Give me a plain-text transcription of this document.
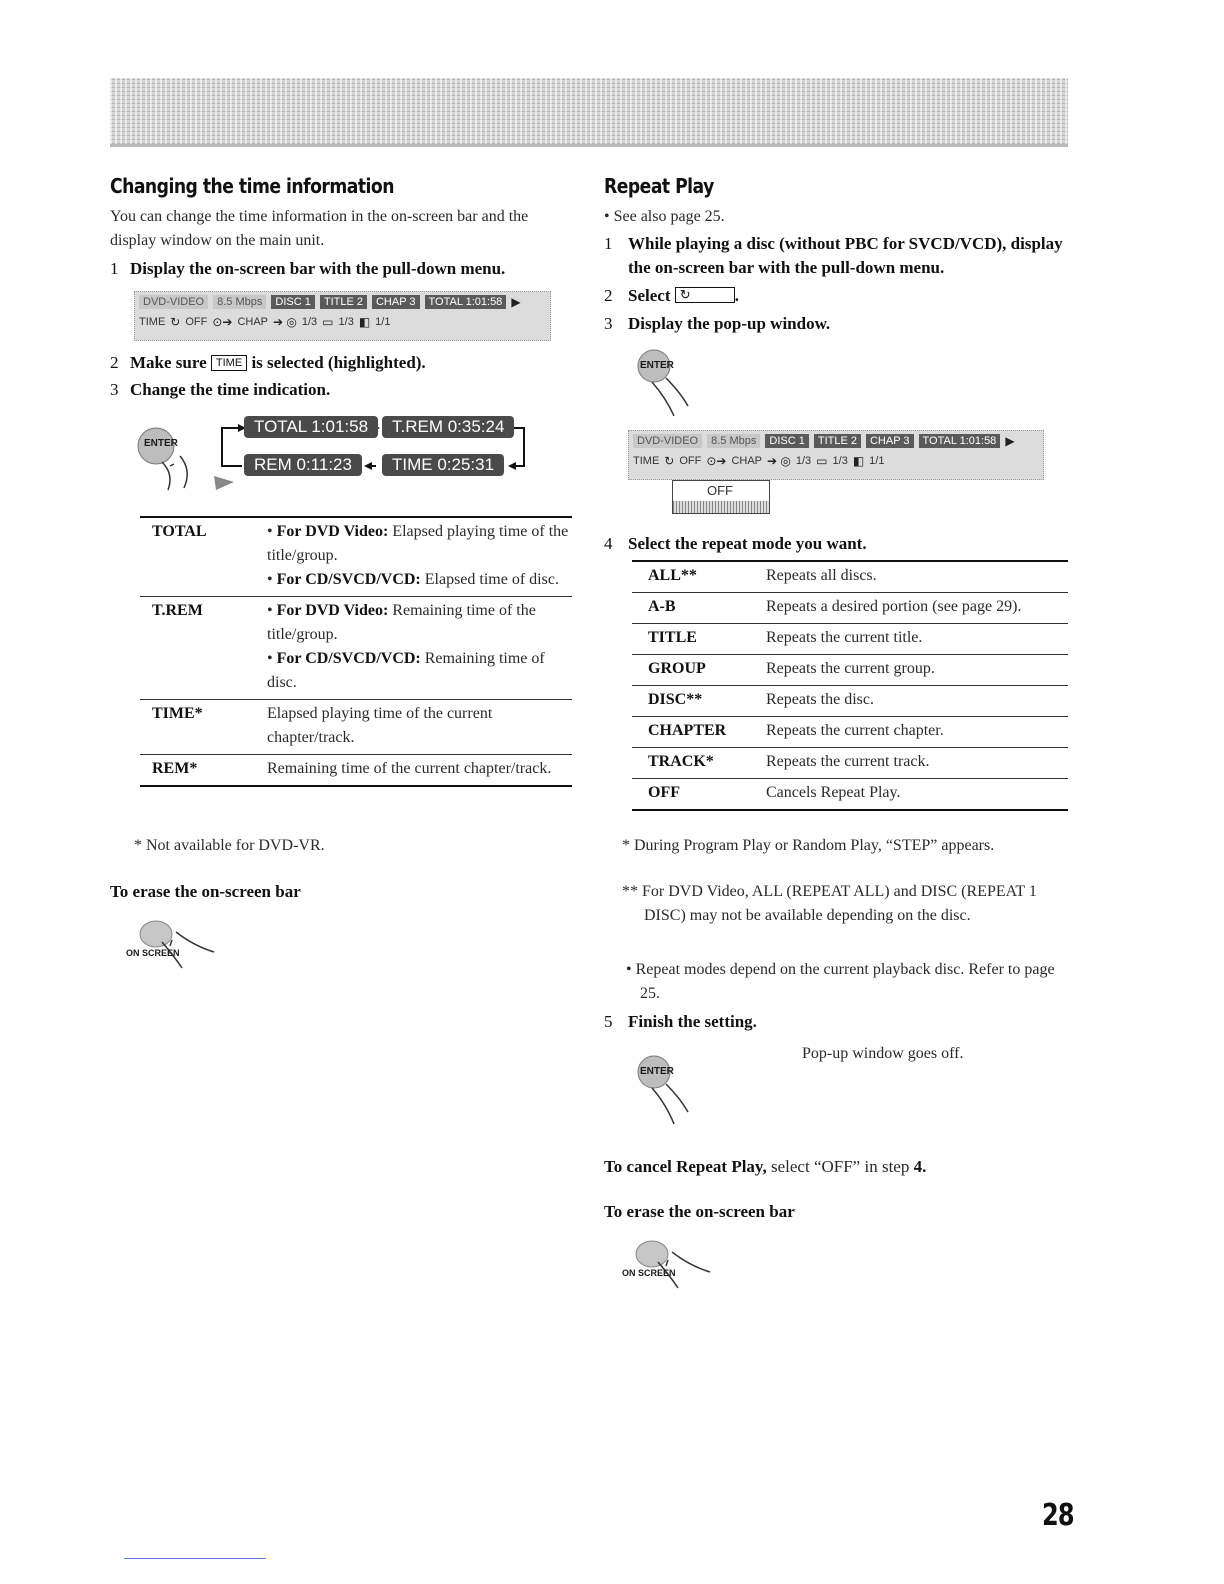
Changing the time information
You can change the time information in the on-screen bar and the display window on the main unit.
1 Display the on-screen bar with the pull-down menu.
DVD-VIDEO	8.5 Mbps	DISC 1	TITLE 2	CHAP 3	TOTAL 1:01:58 ▶
TIME ↻ OFF ⊙➔ CHAP ➔ ◎ 1/3 ▭ 1/3 ◧ 1/1
2 Make sure TIME is selected (highlighted).
3 Change the time indication.
ENTER
TOTAL 1:01:58	T.REM 0:35:24
REM 0:11:23	TIME 0:25:31
TOTAL	• For DVD Video: Elapsed playing time of the title/group.
• For CD/SVCD/VCD: Elapsed time of disc.

T.REM	• For DVD Video: Remaining time of the title/group.
• For CD/SVCD/VCD: Remaining time of disc.

TIME*	Elapsed playing time of the current chapter/track.
REM*	Remaining time of the current chapter/track.
* Not available for DVD-VR.
To erase the on-screen bar
ON SCREEN
Repeat Play
• See also page 25.
1 While playing a disc (without PBC for SVCD/VCD), display the on-screen bar with the pull-down menu.
2 Select ↻	.
3 Display the pop-up window.
ENTER
DVD-VIDEO	8.5 Mbps	DISC 1	TITLE 2	CHAP 3	TOTAL 1:01:58 ▶
TIME ↻ OFF ⊙➔ CHAP ➔ ◎ 1/3 ▭ 1/3 ◧ 1/1
OFF
4 Select the repeat mode you want.
ALL**	Repeats all discs.
A-B	Repeats a desired portion (see page 29).
TITLE	Repeats the current title.
GROUP	Repeats the current group.
DISC**	Repeats the disc.
CHAPTER	Repeats the current chapter.
TRACK*	Repeats the current track.
OFF	Cancels Repeat Play.
* During Program Play or Random Play, “STEP” appears.
** For DVD Video, ALL (REPEAT ALL) and DISC (REPEAT 1 DISC) may not be available depending on the disc.
• Repeat modes depend on the current playback disc. Refer to page 25.
5 Finish the setting.
ENTER
Pop-up window goes off.
To cancel Repeat Play, select “OFF” in step 4.
To erase the on-screen bar
ON SCREEN
28
